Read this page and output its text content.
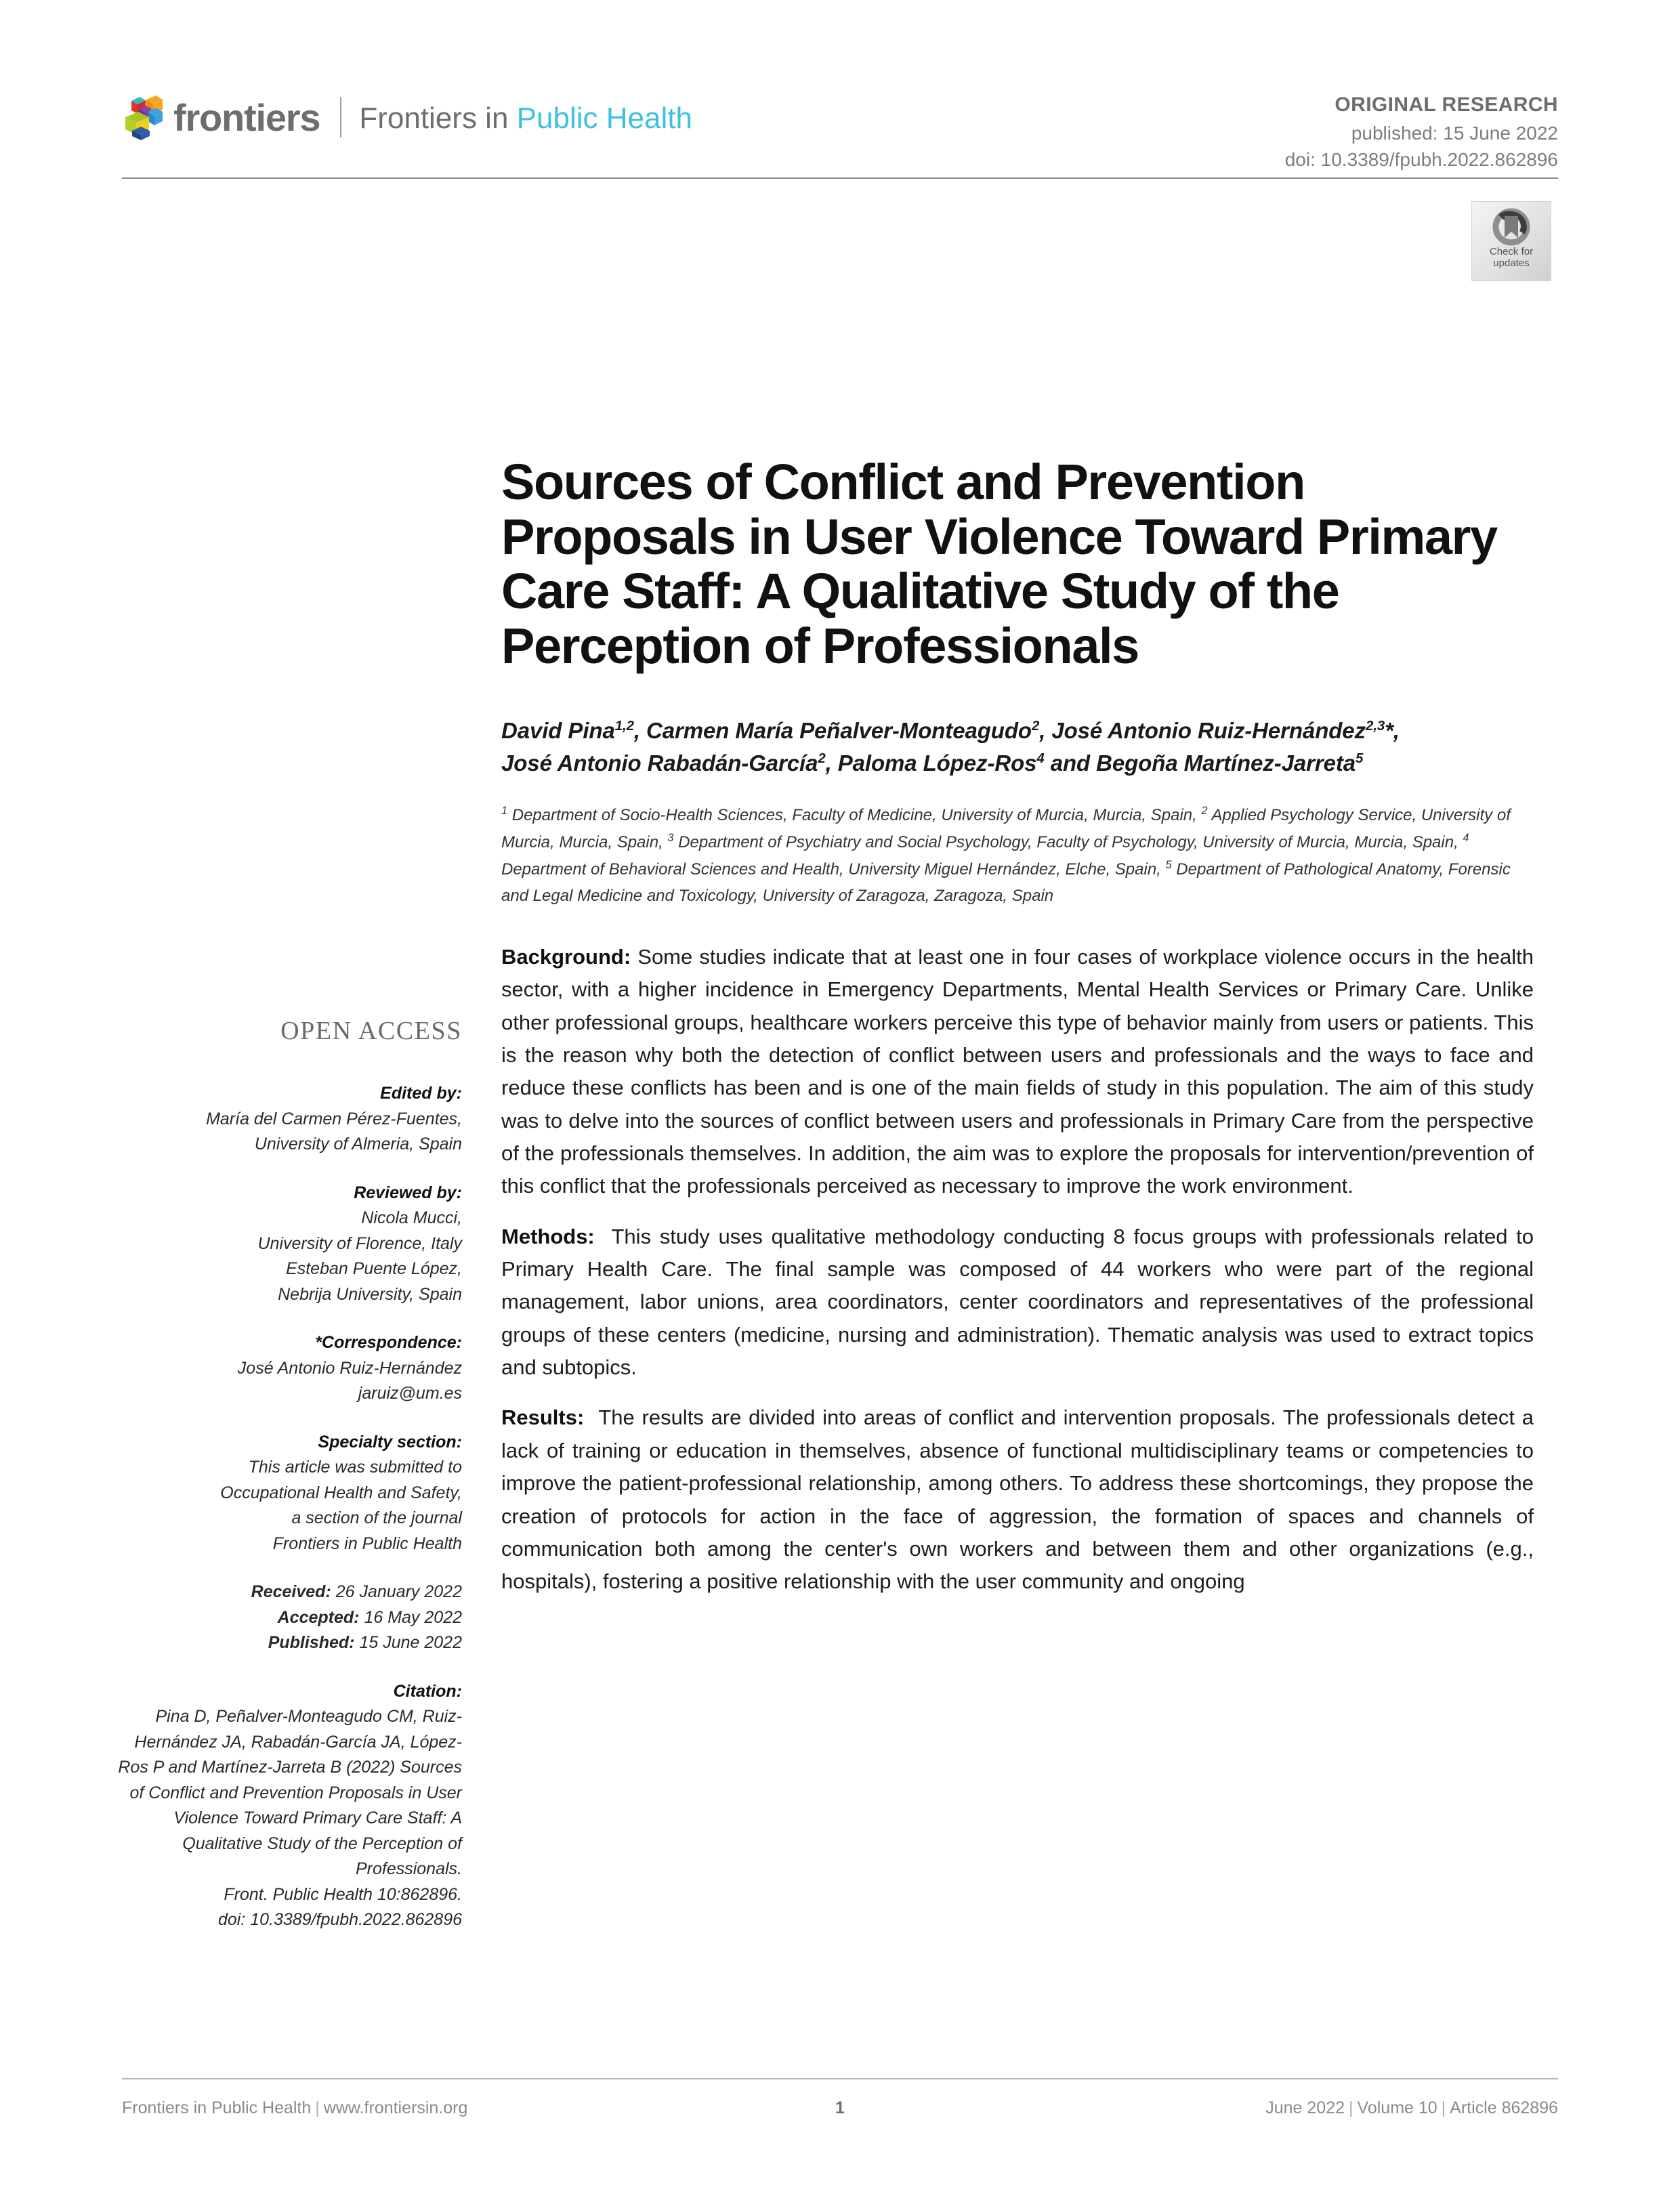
frontiers Frontiers in Public Health	ORIGINAL RESEARCH
published: 15 June 2022
doi: 10.3389/fpubh.2022.862896
Check for
updates
Sources of Conflict and Prevention Proposals in User Violence Toward Primary Care Staff: A Qualitative Study of the Perception of Professionals
David Pina$^{1,2}$, Carmen María Peñalver-Monteagudo$^2$, José Antonio Ruiz-Hernández$^{2,3}$*,
José Antonio Rabadán-García$^2$, Paloma López-Ros$^4$ and Begoña Martínez-Jarreta$^5$
$^1$ Department of Socio-Health Sciences, Faculty of Medicine, University of Murcia, Murcia, Spain, $^2$ Applied Psychology Service, University of Murcia, Murcia, Spain, $^3$ Department of Psychiatry and Social Psychology, Faculty of Psychology, University of Murcia, Murcia, Spain, $^4$ Department of Behavioral Sciences and Health, University Miguel Hernández, Elche, Spain, $^5$ Department of Pathological Anatomy, Forensic and Legal Medicine and Toxicology, University of Zaragoza, Zaragoza, Spain

Background: Some studies indicate that at least one in four cases of workplace violence occurs in the health sector, with a higher incidence in Emergency Departments, Mental Health Services or Primary Care. Unlike other professional groups, healthcare workers perceive this type of behavior mainly from users or patients. This is the reason why both the detection of conflict between users and professionals and the ways to face and reduce these conflicts has been and is one of the main fields of study in this population. The aim of this study was to delve into the sources of conflict between users and professionals in Primary Care from the perspective of the professionals themselves. In addition, the aim was to explore the proposals for intervention/prevention of this conflict that the professionals perceived as necessary to improve the work environment.

Methods: This study uses qualitative methodology conducting 8 focus groups with professionals related to Primary Health Care. The final sample was composed of 44 workers who were part of the regional management, labor unions, area coordinators, center coordinators and representatives of the professional groups of these centers (medicine, nursing and administration). Thematic analysis was used to extract topics and subtopics.

Results: The results are divided into areas of conflict and intervention proposals. The professionals detect a lack of training or education in themselves, absence of functional multidisciplinary teams or competencies to improve the patient-professional relationship, among others. To address these shortcomings, they propose the creation of protocols for action in the face of aggression, the formation of spaces and channels of communication both among the center's own workers and between them and other organizations (e.g., hospitals), fostering a positive relationship with the user community and ongoing

OPEN ACCESS
Edited by:
María del Carmen Pérez-Fuentes,
University of Almeria, Spain
Reviewed by:
Nicola Mucci,
University of Florence, Italy
Esteban Puente López,
Nebrija University, Spain
*Correspondence:
José Antonio Ruiz-Hernández
jaruiz@um.es
Specialty section:
This article was submitted to
Occupational Health and Safety,
a section of the journal
Frontiers in Public Health
Received: 26 January 2022
Accepted: 16 May 2022
Published: 15 June 2022
Citation:
Pina D, Peñalver-Monteagudo CM, Ruiz-Hernández JA, Rabadán-García JA, López-Ros P and Martínez-Jarreta B (2022) Sources of Conflict and Prevention Proposals in User Violence Toward Primary Care Staff: A Qualitative Study of the Perception of Professionals.
Front. Public Health 10:862896.
doi: 10.3389/fpubh.2022.862896
Frontiers in Public Health | www.frontiersin.org	1	June 2022 | Volume 10 | Article 862896
